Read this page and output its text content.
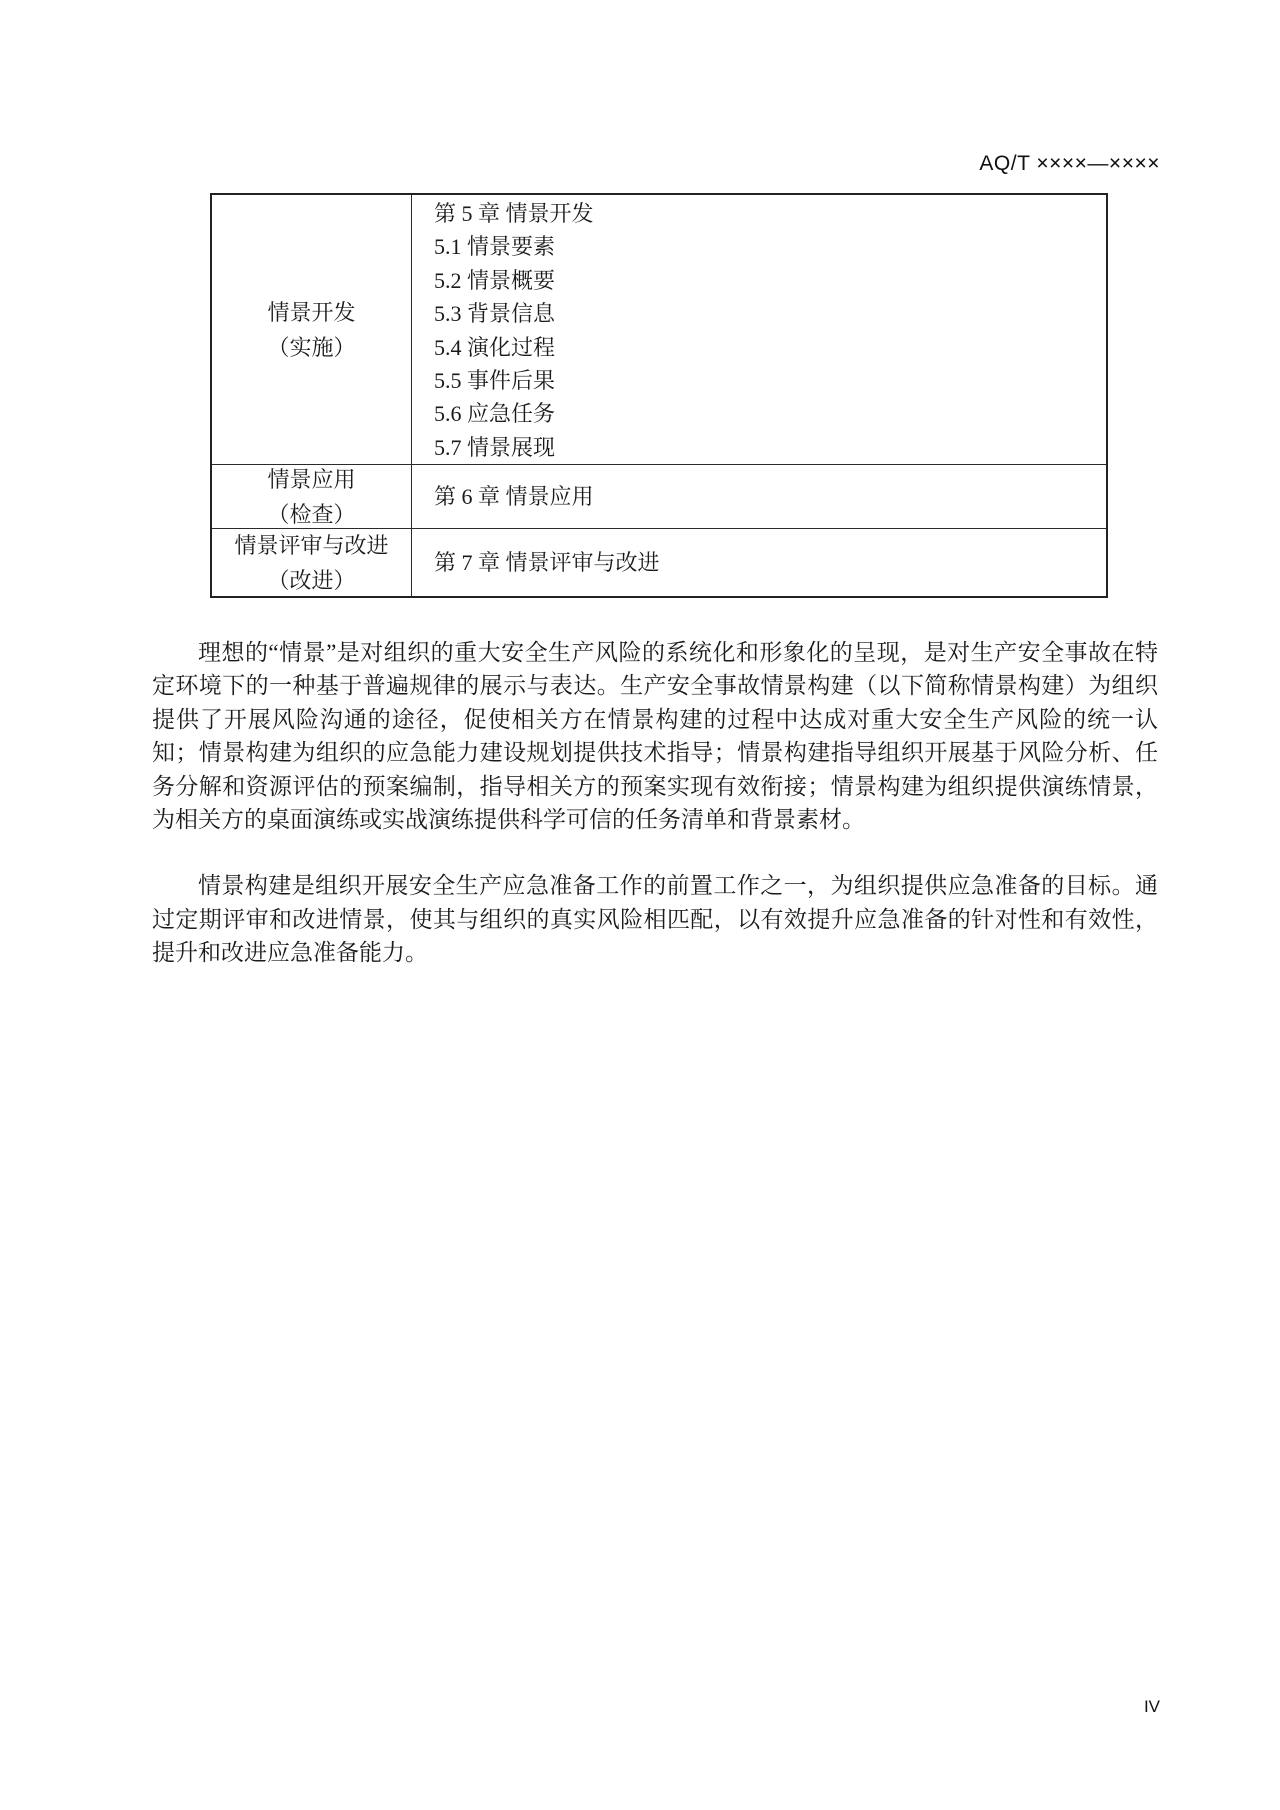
AQ/T ××××—××××
情景开发
（实施）
第 5 章 情景开发
5.1 情景要素
5.2 情景概要
5.3 背景信息
5.4 演化过程
5.5 事件后果
5.6 应急任务
5.7 情景展现
情景应用
（检查）
第 6 章 情景应用
情景评审与改进
（改进）
第 7 章 情景评审与改进

理想的“情景”是对组织的重大安全生产风险的系统化和形象化的呈现，是对生产安全事故在特定环境下的一种基于普遍规律的展示与表达。生产安全事故情景构建（以下简称情景构建）为组织提供了开展风险沟通的途径，促使相关方在情景构建的过程中达成对重大安全生产风险的统一认知；情景构建为组织的应急能力建设规划提供技术指导；情景构建指导组织开展基于风险分析、任务分解和资源评估的预案编制，指导相关方的预案实现有效衔接；情景构建为组织提供演练情景，为相关方的桌面演练或实战演练提供科学可信的任务清单和背景素材。

情景构建是组织开展安全生产应急准备工作的前置工作之一，为组织提供应急准备的目标。通过定期评审和改进情景，使其与组织的真实风险相匹配，以有效提升应急准备的针对性和有效性，提升和改进应急准备能力。

IV
